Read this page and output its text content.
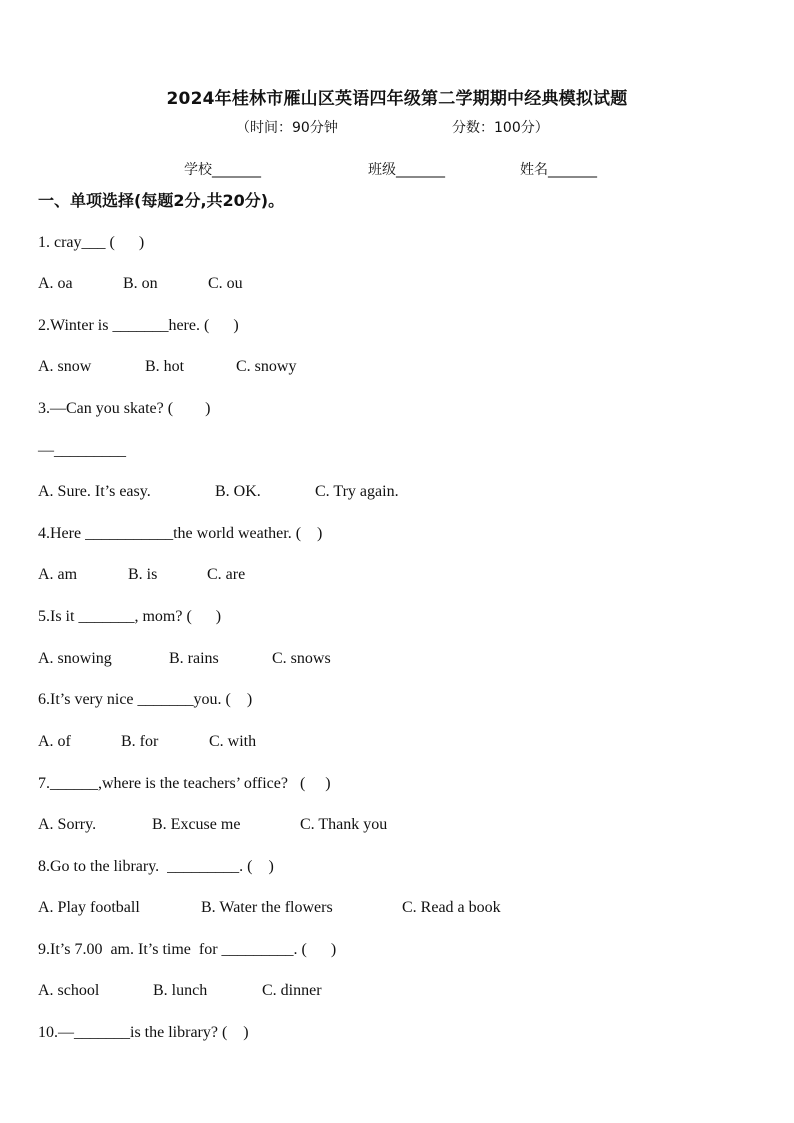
2024年桂林市雁山区英语四年级第二学期期中经典模拟试题
（时间：90分钟	分数：100分）
学校_______	班级_______	姓名_______
一、单项选择(每题2分,共20分)。
1. cray___ (      )
A. oa	B. on	C. ou
2.Winter is _______here. (      )
A. snow	B. hot	C. snowy
3.—Can you skate? (        )
—_________
A. Sure. It’s easy.	B. OK.	C. Try again.
4.Here ___________the world weather. (    )
A. am	B. is	C. are
5.Is it _______, mom? (      )
A. snowing	B. rains	C. snows
6.It’s very nice _______you. (    )
A. of	B. for	C. with
7.______,where is the teachers’ office?   (     )
A. Sorry.	B. Excuse me	C. Thank you
8.Go to the library.  _________. (    )
A. Play football	B. Water the flowers	C. Read a book
9.It’s 7.00  am. It’s time  for _________. (      )
A. school	B. lunch	C. dinner
10.—_______is the library? (    )
